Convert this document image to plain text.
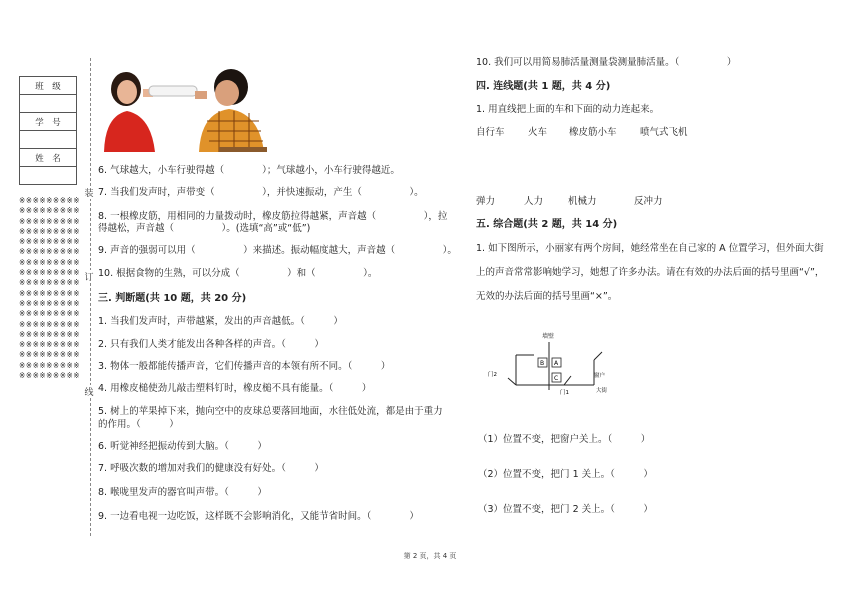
班　级

学　号

姓　名

※※※※※※※※※※※※※※※※※※※※※※※※※※※※※※※※※※※※※※※※※※※※※※※※※※※※※※※※※※※※※※※※※※※※※※※※※※※※※※※※※※※※※※※※※※※※※※※※※※※※※※※※※※※※※※※※※※※※※※※※※※※※※※※※※※※※※※※※※※※※※※※※※※※※※※※※※※※※※※※※※※
装
订
线
6. 气球越大，小车行驶得越（　　　　）；气球越小，小车行驶得越近。
7. 当我们发声时，声带变（　　　　　），并快速振动，产生（　　　　　）。
8. 一根橡皮筋，用相同的力量拨动时，橡皮筋拉得越紧，声音越（　　　　　），拉
得越松，声音越（　　　　　）。(选填“高”或“低”)
9. 声音的强弱可以用（　　　　　）来描述。振动幅度越大，声音越（　　　　　）。
10. 根据食物的生熟，可以分成（　　　　　）和（　　　　　）。
三. 判断题(共 10 题，共 20 分)
1. 当我们发声时，声带越紧，发出的声音越低。（　　　）
2. 只有我们人类才能发出各种各样的声音。（　　　）
3. 物体一般都能传播声音，它们传播声音的本领有所不同。（　　　）
4. 用橡皮槌使劲儿敲击塑料钉时，橡皮槌不具有能量。（　　　）
5. 树上的苹果掉下来，抛向空中的皮球总要落回地面，水往低处流，都是由于重力
的作用。（　　　）
6. 听觉神经把振动传到大脑。（　　　）
7. 呼吸次数的增加对我们的健康没有好处。（　　　）
8. 喉咙里发声的器官叫声带。（　　　）
9. 一边看电视一边吃饭，这样既不会影响消化，又能节省时间。（　　　　）
10. 我们可以用简易肺活量测量袋测量肺活量。（　　　　　）
四. 连线题(共 1 题，共 4 分)
1. 用直线把上面的车和下面的动力连起来。
自行车 火车 橡皮筋小车 喷气式飞机
弹力	人力	机械力	反冲力
五. 综合题(共 2 题，共 14 分)
1. 如下图所示，小丽家有两个房间，她经常坐在自己家的 A 位置学习，但外面大街
上的声音常常影响她学习，她想了许多办法。请在有效的办法后面的括号里画“√”，
无效的办法后面的括号里画“×”。
墙壁
B A
C
门2
门1
窗户
大街
（1）位置不变，把窗户关上。（　　　）
（2）位置不变，把门 1 关上。（　　　）
（3）位置不变，把门 2 关上。（　　　）
第 2 页，共 4 页
